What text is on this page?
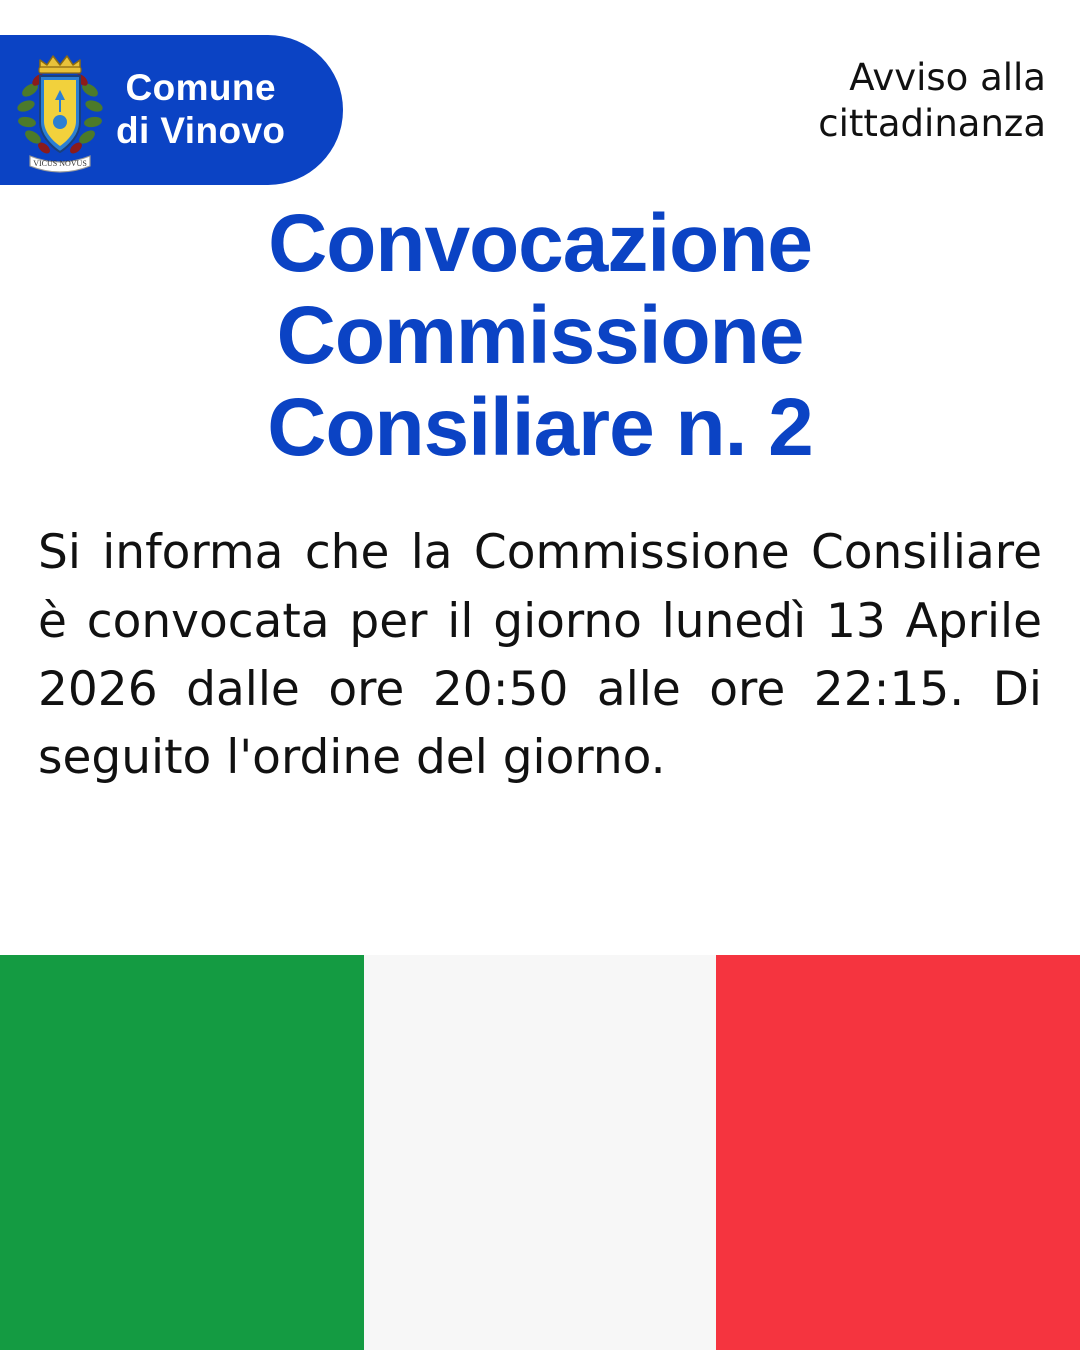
VICUS NOVUS
Comune
di Vinovo
Avviso alla
cittadinanza
Convocazione
Commissione
Consiliare n. 2

Si informa che la Commissione Consiliare è convocata per il giorno lunedì 13 Aprile 2026 dalle ore 20:50 alle ore 22:15. Di seguito l'ordine del giorno.
